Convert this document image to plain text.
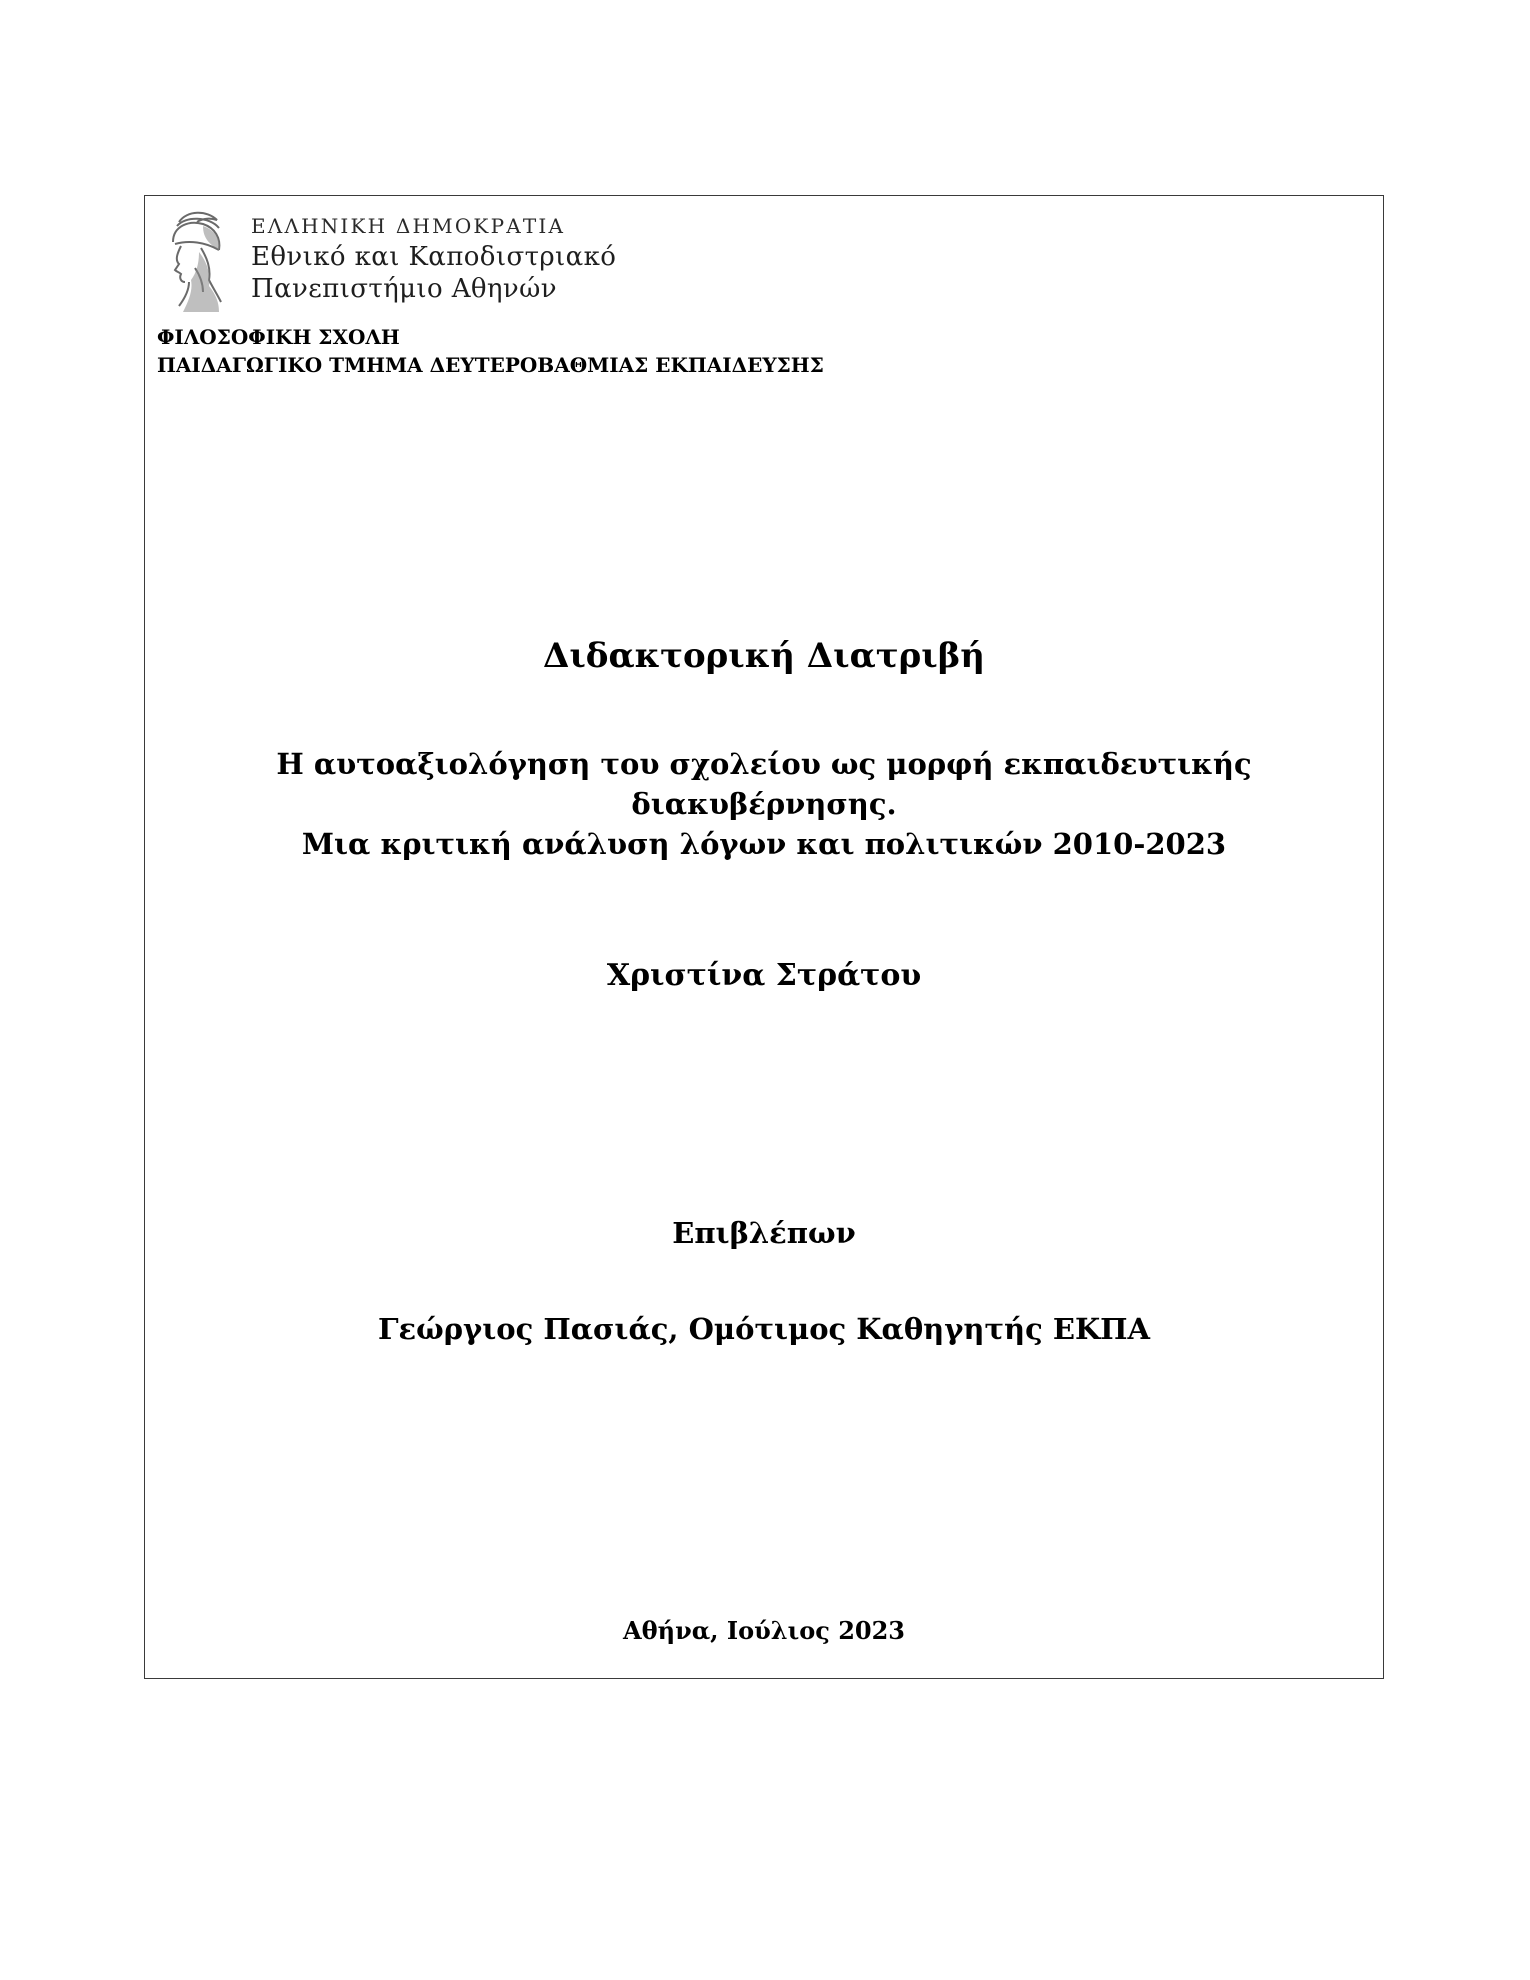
ΕΛΛΗΝΙΚΗ ΔΗΜΟΚΡΑΤΙΑ
Εθνικό και Καποδιστριακό
Πανεπιστήμιο Αθηνών
ΦΙΛΟΣΟΦΙΚΗ ΣΧΟΛΗ
ΠΑΙΔΑΓΩΓΙΚΟ ΤΜΗΜΑ ΔΕΥΤΕΡΟΒΑΘΜΙΑΣ ΕΚΠΑΙΔΕΥΣΗΣ
Διδακτορική Διατριβή
Η αυτοαξιολόγηση του σχολείου ως μορφή εκπαιδευτικής διακυβέρνησης.
Μια κριτική ανάλυση λόγων και πολιτικών 2010-2023
Χριστίνα Στράτου
Επιβλέπων
Γεώργιος Πασιάς, Ομότιμος Καθηγητής ΕΚΠΑ
Αθήνα, Ιούλιος 2023
